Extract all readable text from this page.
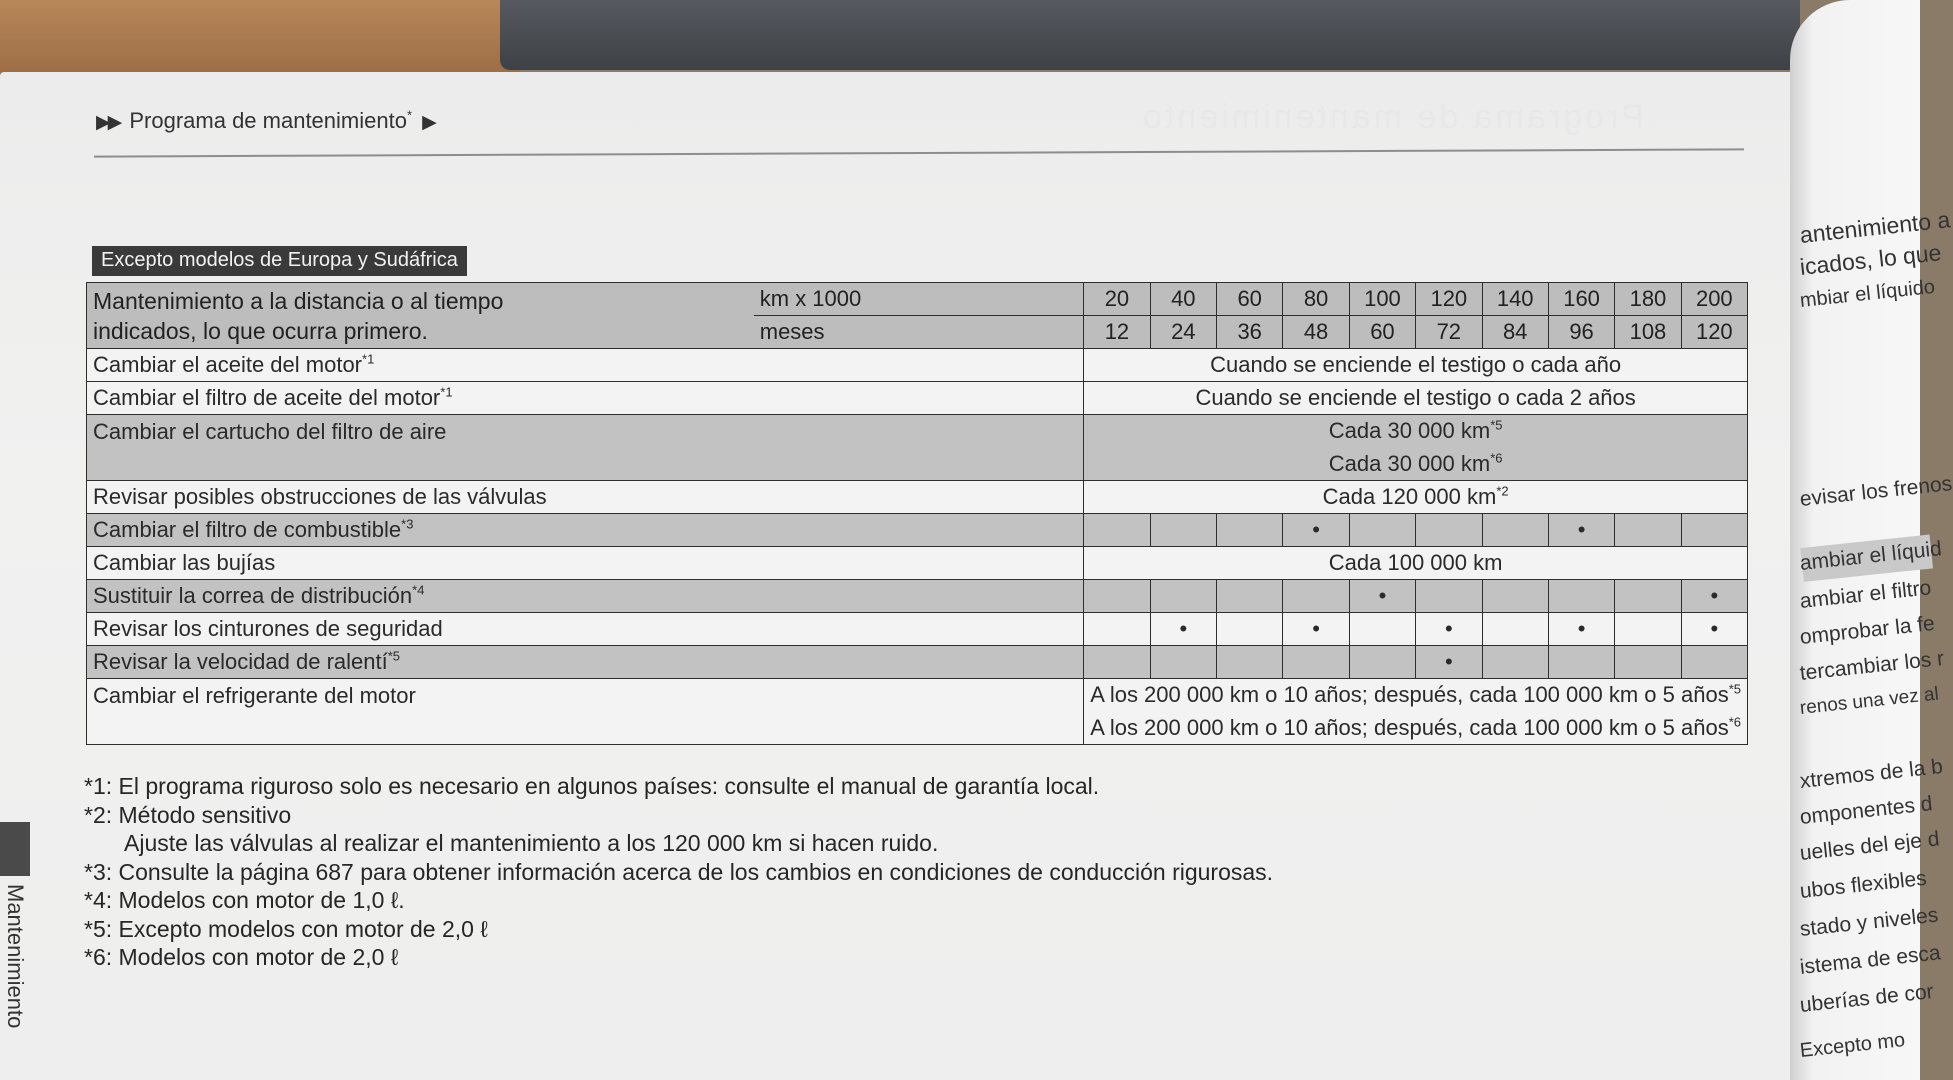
Programa de mantenimiento
▶▶ Programa de mantenimiento* ▶
Excepto modelos de Europa y Sudáfrica
Mantenimiento a la distancia o al tiempo
indicados, lo que ocurra primero.	km x 1000	20	40	60	80	100	120	140	160	180	200
	meses	12	24	36	48	60	72	84	96	108	120
Cambiar el aceite del motor$^{*1}$		Cuando se enciende el testigo o cada año									
Cambiar el filtro de aceite del motor$^{*1}$		Cuando se enciende el testigo o cada 2 años									
Cambiar el cartucho del filtro de aire		Cada 30 000 $km^{*5}$
		Cada 30 000 $km^{*6}$
Revisar posibles obstrucciones de las válvulas		Cada 120 000 $km^{*2}$
Cambiar el filtro de combustible$^{*3}$					•				•		
Cambiar las bujías		Cada 100 000 km									
Sustituir la correa de distribución$^{*4}$						•					•
Revisar los cinturones de seguridad			•		•		•		•		•
Revisar la velocidad de ralentí$^{*5}$							•				
Cambiar el refrigerante del motor		A los 200 000 km o 10 años; después, cada 100 000 km o 5 años$^{*5}$
		A los 200 000 km o 10 años; después, cada 100 000 km o 5 años$^{*6}$
*1: El programa riguroso solo es necesario en algunos países: consulte el manual de garantía local.
*2: Método sensitivo
Ajuste las válvulas al realizar el mantenimiento a los 120 000 km si hacen ruido.
*3: Consulte la página 687 para obtener información acerca de los cambios en condiciones de conducción rigurosas.
*4: Modelos con motor de 1,0 ℓ.
*5: Excepto modelos con motor de 2,0 ℓ
*6: Modelos con motor de 2,0 ℓ
Mantenimiento
antenimiento a
icados, lo que
mbiar el líquido
evisar los frenos
ambiar el líquid
ambiar el filtro
omprobar la fe
tercambiar los r
renos una vez al
xtremos de la b
omponentes d
uelles del eje d
ubos flexibles
stado y niveles
istema de esca
uberías de cor
Excepto mo
